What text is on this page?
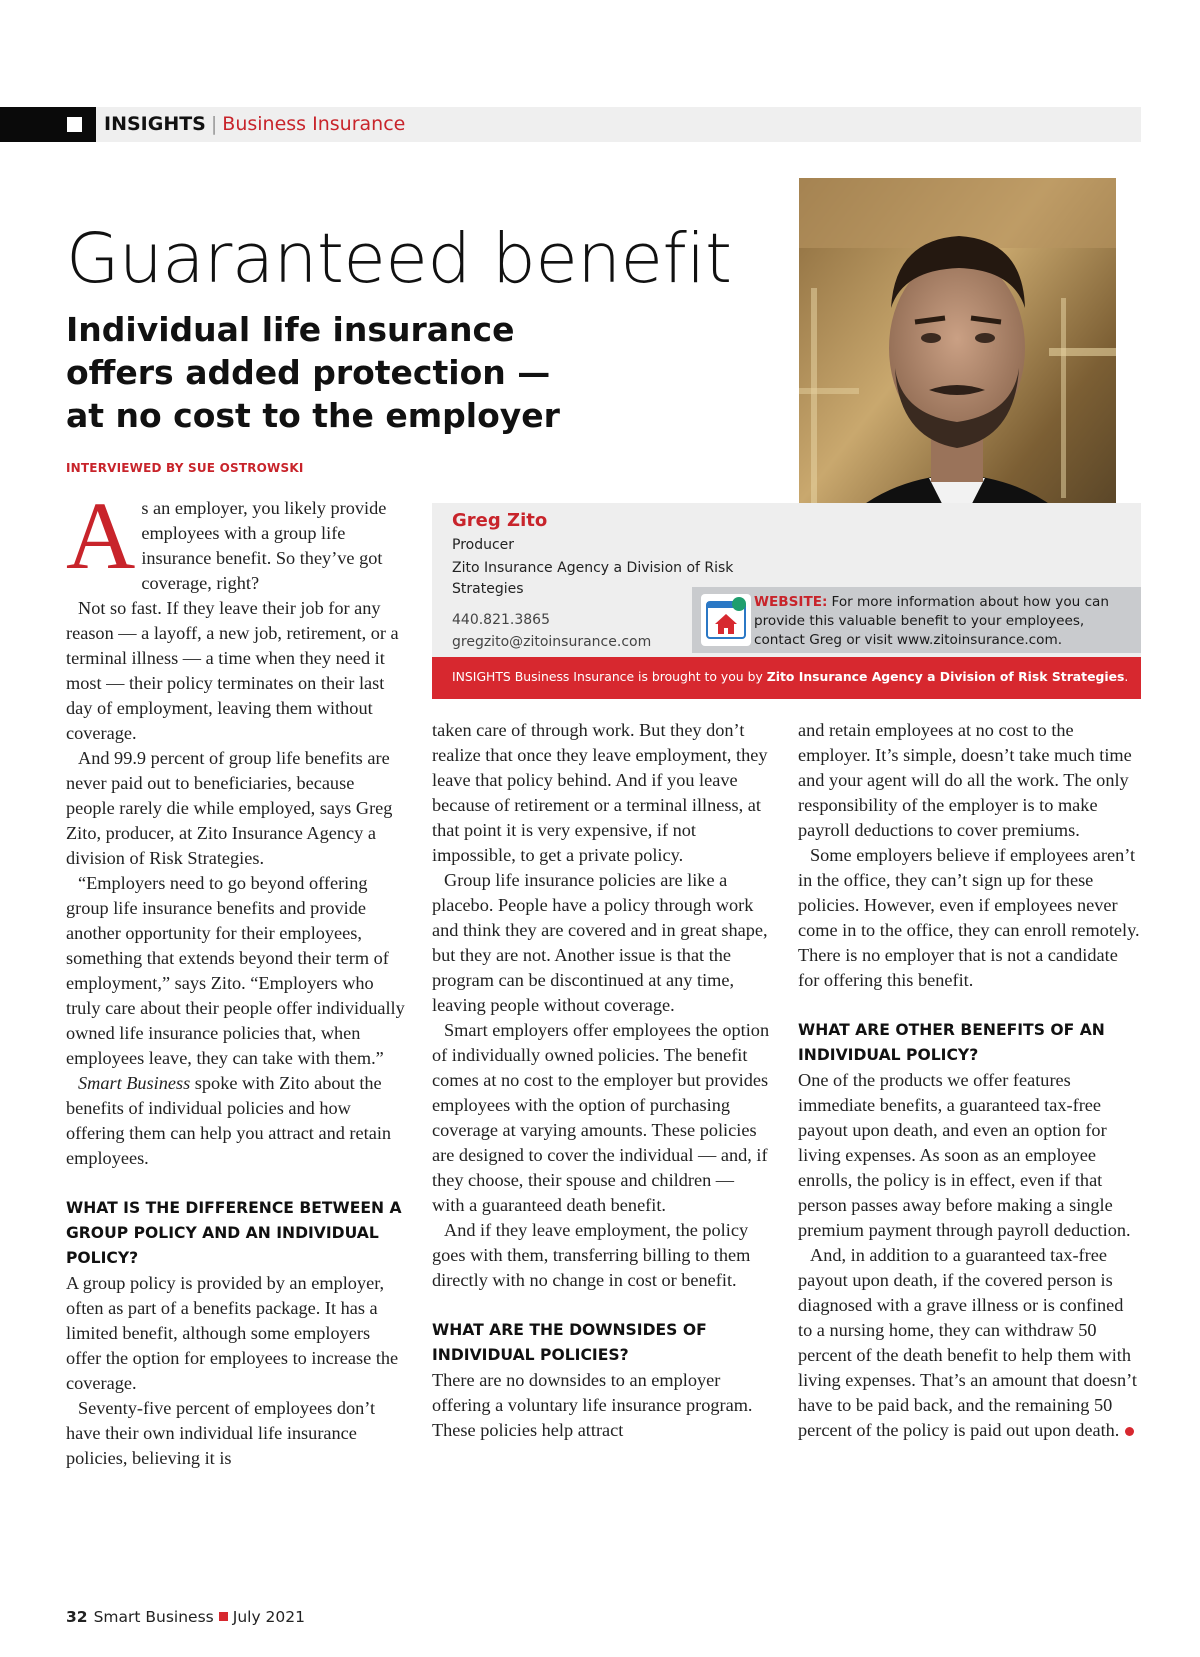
INSIGHTS | Business Insurance
Guaranteed benefit
Individual life insurance offers added protection — at no cost to the employer
INTERVIEWED BY SUE OSTROWSKI
Greg Zito
Producer
Zito Insurance Agency a Division of Risk Strategies
440.821.3865
gregzito@zitoinsurance.com
WEBSITE: For more information about how you can provide this valuable benefit to your employees, contact Greg or visit www.zitoinsurance.com.
INSIGHTS Business Insurance is brought to you by Zito Insurance Agency a Division of Risk Strategies.

As an employer, you likely provide employees with a group life insurance benefit. So they’ve got coverage, right?

Not so fast. If they leave their job for any reason — a layoff, a new job, retirement, or a terminal illness — a time when they need it most — their policy terminates on their last day of employment, leaving them without coverage.

And 99.9 percent of group life benefits are never paid out to beneficiaries, because people rarely die while employed, says Greg Zito, producer, at Zito Insurance Agency a division of Risk Strategies.

“Employers need to go beyond offering group life insurance benefits and provide another opportunity for their employees, something that extends beyond their term of employment,” says Zito. “Employers who truly care about their people offer individually owned life insurance policies that, when employees leave, they can take with them.”

Smart Business spoke with Zito about the benefits of individual policies and how offering them can help you attract and retain employees.

WHAT IS THE DIFFERENCE BETWEEN A GROUP POLICY AND AN INDIVIDUAL POLICY?

A group policy is provided by an employer, often as part of a benefits package. It has a limited benefit, although some employers offer the option for employees to increase the coverage.

Seventy-five percent of employees don’t have their own individual life insurance policies, believing it is

taken care of through work. But they don’t realize that once they leave employment, they leave that policy behind. And if you leave because of retirement or a terminal illness, at that point it is very expensive, if not impossible, to get a private policy.

Group life insurance policies are like a placebo. People have a policy through work and think they are covered and in great shape, but they are not. Another issue is that the program can be discontinued at any time, leaving people without coverage.

Smart employers offer employees the option of individually owned policies. The benefit comes at no cost to the employer but provides employees with the option of purchasing coverage at varying amounts. These policies are designed to cover the individual — and, if they choose, their spouse and children — with a guaranteed death benefit.

And if they leave employment, the policy goes with them, transferring billing to them directly with no change in cost or benefit.

WHAT ARE THE DOWNSIDES OF INDIVIDUAL POLICIES?

There are no downsides to an employer offering a voluntary life insurance program. These policies help attract

and retain employees at no cost to the employer. It’s simple, doesn’t take much time and your agent will do all the work. The only responsibility of the employer is to make payroll deductions to cover premiums.

Some employers believe if employees aren’t in the office, they can’t sign up for these policies. However, even if employees never come in to the office, they can enroll remotely. There is no employer that is not a candidate for offering this benefit.

WHAT ARE OTHER BENEFITS OF AN INDIVIDUAL POLICY?

One of the products we offer features immediate benefits, a guaranteed tax-free payout upon death, and even an option for living expenses. As soon as an employee enrolls, the policy is in effect, even if that person passes away before making a single premium payment through payroll deduction.

And, in addition to a guaranteed tax-free payout upon death, if the covered person is diagnosed with a grave illness or is confined to a nursing home, they can withdraw 50 percent of the death benefit to help them with living expenses. That’s an amount that doesn’t have to be paid back, and the remaining 50 percent of the policy is paid out upon death.

32 Smart Business July 2021
